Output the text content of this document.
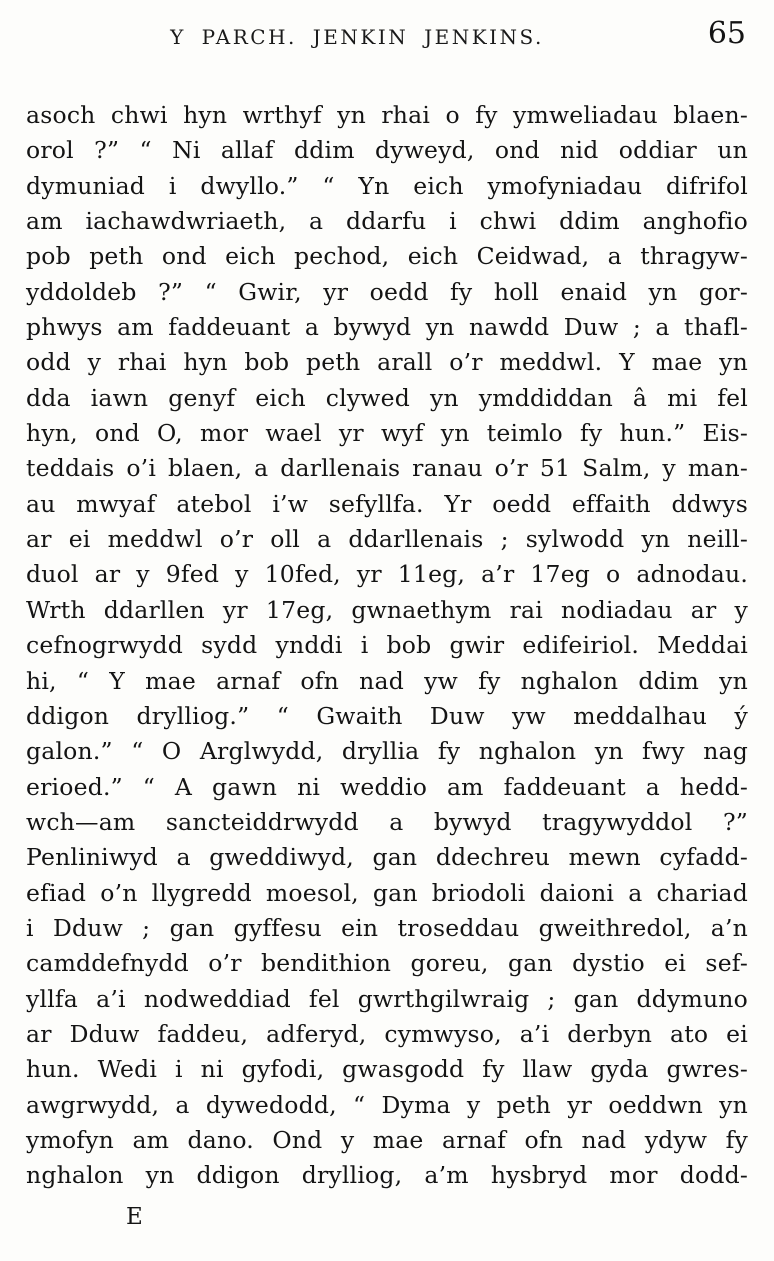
Y PARCH. JENKIN JENKINS.	65
asoch chwi hyn wrthyf yn rhai o fy ymweliadau blaen-
orol ?” “ Ni allaf ddim dyweyd, ond nid oddiar un
dymuniad i dwyllo.” “ Yn eich ymofyniadau difrifol
am iachawdwriaeth, a ddarfu i chwi ddim anghofio
pob peth ond eich pechod, eich Ceidwad, a thragyw-
yddoldeb ?” “ Gwir, yr oedd fy holl enaid yn gor-
phwys am faddeuant a bywyd yn nawdd Duw ; a thafl-
odd y rhai hyn bob peth arall o’r meddwl. Y mae yn
dda iawn genyf eich clywed yn ymddiddan â mi fel
hyn, ond O, mor wael yr wyf yn teimlo fy hun.” Eis-
teddais o’i blaen, a darllenais ranau o’r 51 Salm, y man-
au mwyaf atebol i’w sefyllfa. Yr oedd effaith ddwys
ar ei meddwl o’r oll a ddarllenais ; sylwodd yn neill-
duol ar y 9fed y 10fed, yr 11eg, a’r 17eg o adnodau.
Wrth ddarllen yr 17eg, gwnaethym rai nodiadau ar y
cefnogrwydd sydd ynddi i bob gwir edifeiriol. Meddai
hi, “ Y mae arnaf ofn nad yw fy nghalon ddim yn
ddigon drylliog.” “ Gwaith Duw yw meddalhau ý
galon.” “ O Arglwydd, dryllia fy nghalon yn fwy nag
erioed.” “ A gawn ni weddio am faddeuant a hedd-
wch—am sancteiddrwydd a bywyd tragywyddol ?”
Penliniwyd a gweddiwyd, gan ddechreu mewn cyfadd-
efiad o’n llygredd moesol, gan briodoli daioni a chariad
i Dduw ; gan gyffesu ein troseddau gweithredol, a’n
camddefnydd o’r bendithion goreu, gan dystio ei sef-
yllfa a’i nodweddiad fel gwrthgilwraig ; gan ddymuno
ar Dduw faddeu, adferyd, cymwyso, a’i derbyn ato ei
hun. Wedi i ni gyfodi, gwasgodd fy llaw gyda gwres-
awgrwydd, a dywedodd, “ Dyma y peth yr oeddwn yn
ymofyn am dano. Ond y mae arnaf ofn nad ydyw fy
nghalon yn ddigon drylliog, a’m hysbryd mor dodd-
E
